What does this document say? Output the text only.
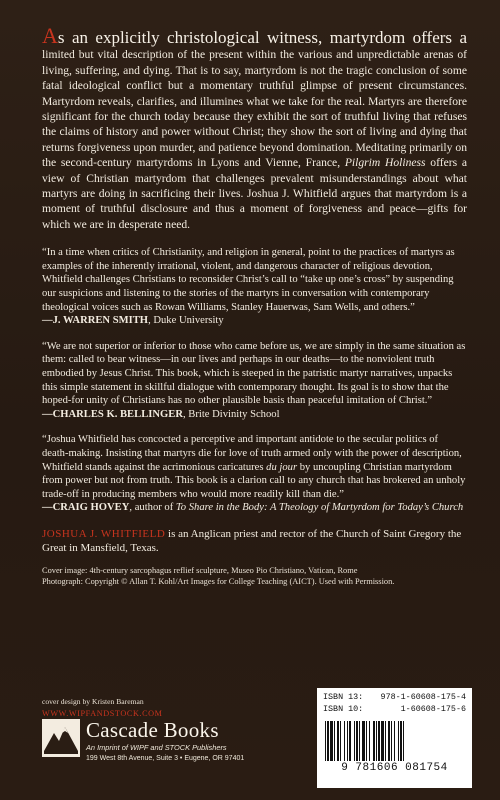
As an explicitly christological witness, martyrdom offers a limited but vital description of the present within the various and unpredictable arenas of living, suffering, and dying. That is to say, martyrdom is not the tragic conclusion of some fatal ideological conflict but a momentary truthful glimpse of present circumstances. Martyrdom reveals, clarifies, and illumines what we take for the real. Martyrs are therefore significant for the church today because they exhibit the sort of truthful living that refuses the claims of history and power without Christ; they show the sort of living and dying that returns forgiveness upon murder, and patience beyond domination. Meditating primarily on the second-century martyrdoms in Lyons and Vienne, France, Pilgrim Holiness offers a view of Christian martyrdom that challenges prevalent misunderstandings about what martyrs are doing in sacrificing their lives. Joshua J. Whitfield argues that martyrdom is a moment of truthful disclosure and thus a moment of forgiveness and peace—gifts for which we are in desperate need.

“In a time when critics of Christianity, and religion in general, point to the practices of martyrs as examples of the inherently irrational, violent, and dangerous character of religious devotion, Whitfield challenges Christians to reconsider Christ’s call to “take up one’s cross” by suspending our suspicions and listening to the stories of the martyrs in conversation with contemporary theological voices such as Rowan Williams, Stanley Hauerwas, Sam Wells, and others.”
—J. WARREN SMITH, Duke University

“We are not superior or inferior to those who came before us, we are simply in the same situation as them: called to bear witness—in our lives and perhaps in our deaths—to the nonviolent truth embodied by Jesus Christ. This book, which is steeped in the patristic martyr narratives, unpacks this simple statement in skillful dialogue with contemporary thought. Its goal is to show that the hoped-for unity of Christians has no other plausible basis than peaceful imitation of Christ.”
—CHARLES K. BELLINGER, Brite Divinity School

“Joshua Whitfield has concocted a perceptive and important antidote to the secular politics of death-making. Insisting that martyrs die for love of truth armed only with the power of description, Whitfield stands against the acrimonious caricatures du jour by uncoupling Christian martyrdom from power but not from truth. This book is a clarion call to any church that has brokered an unholy trade-off in producing members who would more readily kill than die.”
—CRAIG HOVEY, author of To Share in the Body: A Theology of Martyrdom for Today’s Church

JOSHUA J. WHITFIELD is an Anglican priest and rector of the Church of Saint Gregory the Great in Mansfield, Texas.

Cover image: 4th-century sarcophagus reflief sculpture, Museo Pio Christiano, Vatican, Rome
Photograph: Copyright © Allan T. Kohl/Art Images for College Teaching (AICT). Used with Permission.

cover design by Kristen Bareman

WWW.WIPFANDSTOCK.COM

Cascade Books
An Imprint of WIPF and STOCK Publishers
199 West 8th Avenue, Suite 3 • Eugene, OR 97401
ISBN 13: 978-1-60608-175-4
ISBN 10:	1-60608-175-6
9 781606 081754
